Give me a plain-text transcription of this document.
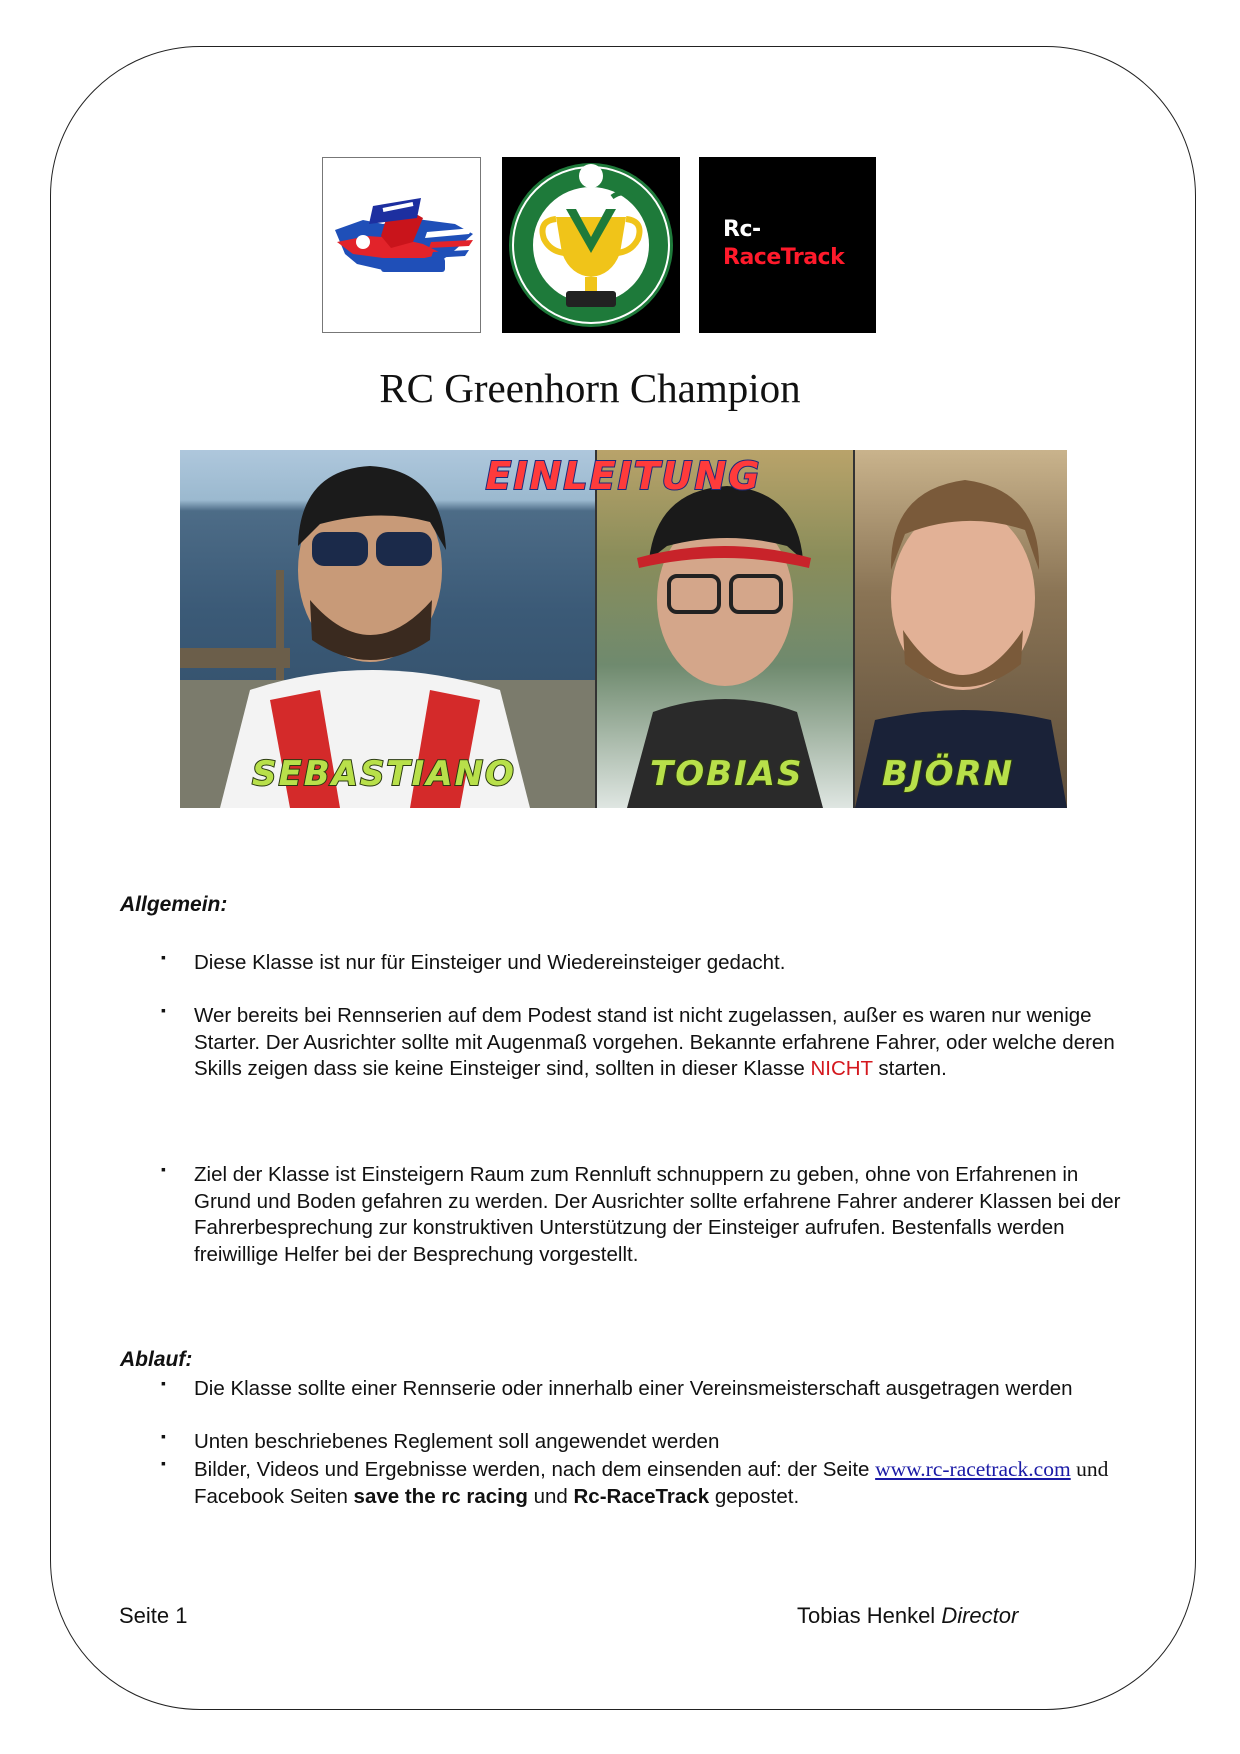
Rc-
RaceTrack
RC Greenhorn Champion
EINLEITUNG
SEBASTIANO	TOBIAS BJÖRN
Allgemein:
▪ Diese Klasse ist nur für Einsteiger und Wiedereinsteiger gedacht.
▪ Wer bereits bei Rennserien auf dem Podest stand ist nicht zugelassen, außer es waren nur wenige Starter. Der Ausrichter sollte mit Augenmaß vorgehen. Bekannte erfahrene Fahrer, oder welche deren Skills zeigen dass sie keine Einsteiger sind, sollten in dieser Klasse NICHT starten.
▪ Ziel der Klasse ist Einsteigern Raum zum Rennluft schnuppern zu geben, ohne von Erfahrenen in Grund und Boden gefahren zu werden. Der Ausrichter sollte erfahrene Fahrer anderer Klassen bei der Fahrerbesprechung zur konstruktiven Unterstützung der Einsteiger aufrufen. Bestenfalls werden freiwillige Helfer bei der Besprechung vorgestellt.
Ablauf:
▪ Die Klasse sollte einer Rennserie oder innerhalb einer Vereinsmeisterschaft ausgetragen werden
▪ Unten beschriebenes Reglement soll angewendet werden
▪ Bilder, Videos und Ergebnisse werden, nach dem einsenden auf: der Seite www.rc-racetrack.com und Facebook Seiten save the rc racing und Rc-RaceTrack gepostet.
Seite 1	Tobias Henkel Director
